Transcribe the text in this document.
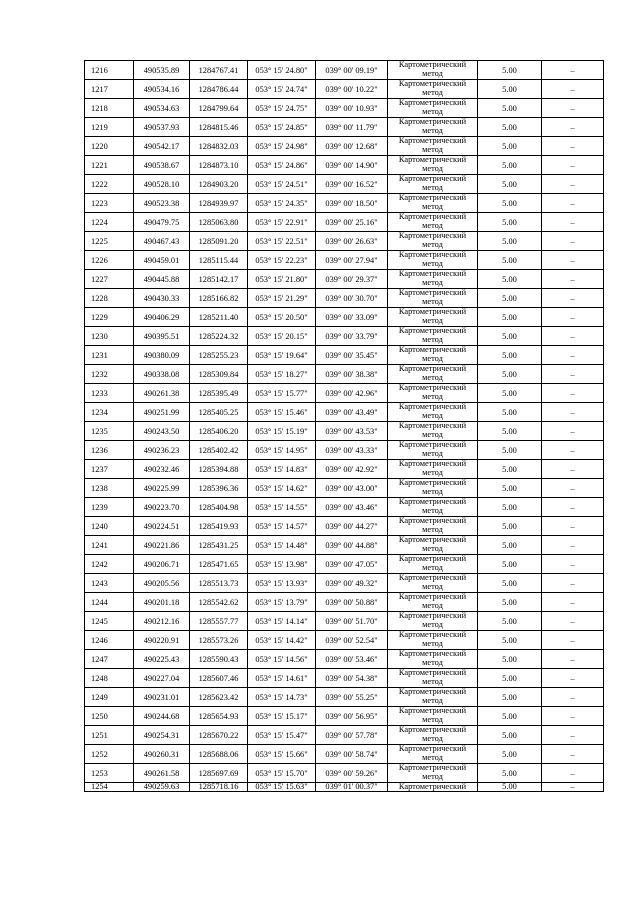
1216	490535.89	1284767.41	053° 15' 24.80"	039° 00' 09.19"	Картометрический метод	5.00	–
1217	490534.16	1284786.44	053° 15' 24.74"	039° 00' 10.22"	Картометрический метод	5.00	–
1218	490534.63	1284799.64	053° 15' 24.75"	039° 00' 10.93"	Картометрический метод	5.00	–
1219	490537.93	1284815.46	053° 15' 24.85"	039° 00' 11.79"	Картометрический метод	5.00	–
1220	490542.17	1284832.03	053° 15' 24.98"	039° 00' 12.68"	Картометрический метод	5.00	–
1221	490538.67	1284873.10	053° 15' 24.86"	039° 00' 14.90"	Картометрический метод	5.00	–
1222	490528.10	1284903.20	053° 15' 24.51"	039° 00' 16.52"	Картометрический метод	5.00	–
1223	490523.38	1284939.97	053° 15' 24.35"	039° 00' 18.50"	Картометрический метод	5.00	–
1224	490479.75	1285063.80	053° 15' 22.91"	039° 00' 25.16"	Картометрический метод	5.00	–
1225	490467.43	1285091.20	053° 15' 22.51"	039° 00' 26.63"	Картометрический метод	5.00	–
1226	490459.01	1285115.44	053° 15' 22.23"	039° 00' 27.94"	Картометрический метод	5.00	–
1227	490445.88	1285142.17	053° 15' 21.80"	039° 00' 29.37"	Картометрический метод	5.00	–
1228	490430.33	1285166.82	053° 15' 21.29"	039° 00' 30.70"	Картометрический метод	5.00	–
1229	490406.29	1285211.40	053° 15' 20.50"	039° 00' 33.09"	Картометрический метод	5.00	–
1230	490395.51	1285224.32	053° 15' 20.15"	039° 00' 33.79"	Картометрический метод	5.00	–
1231	490380.09	1285255.23	053° 15' 19.64"	039° 00' 35.45"	Картометрический метод	5.00	–
1232	490338.08	1285309.84	053° 15' 18.27"	039° 00' 38.38"	Картометрический метод	5.00	–
1233	490261.38	1285395.49	053° 15' 15.77"	039° 00' 42.96"	Картометрический метод	5.00	–
1234	490251.99	1285405.25	053° 15' 15.46"	039° 00' 43.49"	Картометрический метод	5.00	–
1235	490243.50	1285406.20	053° 15' 15.19"	039° 00' 43.53"	Картометрический метод	5.00	–
1236	490236.23	1285402.42	053° 15' 14.95"	039° 00' 43.33"	Картометрический метод	5.00	–
1237	490232.46	1285394.88	053° 15' 14.83"	039° 00' 42.92"	Картометрический метод	5.00	–
1238	490225.99	1285396.36	053° 15' 14.62"	039° 00' 43.00"	Картометрический метод	5.00	–
1239	490223.70	1285404.98	053° 15' 14.55"	039° 00' 43.46"	Картометрический метод	5.00	–
1240	490224.51	1285419.93	053° 15' 14.57"	039° 00' 44.27"	Картометрический метод	5.00	–
1241	490221.86	1285431.25	053° 15' 14.48"	039° 00' 44.88"	Картометрический метод	5.00	–
1242	490206.71	1285471.65	053° 15' 13.98"	039° 00' 47.05"	Картометрический метод	5.00	–
1243	490205.56	1285513.73	053° 15' 13.93"	039° 00' 49.32"	Картометрический метод	5.00	–
1244	490201.18	1285542.62	053° 15' 13.79"	039° 00' 50.88"	Картометрический метод	5.00	–
1245	490212.16	1285557.77	053° 15' 14.14"	039° 00' 51.70"	Картометрический метод	5.00	–
1246	490220.91	1285573.26	053° 15' 14.42"	039° 00' 52.54"	Картометрический метод	5.00	–
1247	490225.43	1285590.43	053° 15' 14.56"	039° 00' 53.46"	Картометрический метод	5.00	–
1248	490227.04	1285607.46	053° 15' 14.61"	039° 00' 54.38"	Картометрический метод	5.00	–
1249	490231.01	1285623.42	053° 15' 14.73"	039° 00' 55.25"	Картометрический метод	5.00	–
1250	490244.68	1285654.93	053° 15' 15.17"	039° 00' 56.95"	Картометрический метод	5.00	–
1251	490254.31	1285670.22	053° 15' 15.47"	039° 00' 57.78"	Картометрический метод	5.00	–
1252	490260.31	1285688.06	053° 15' 15.66"	039° 00' 58.74"	Картометрический метод	5.00	–
1253	490261.58	1285697.69	053° 15' 15.70"	039° 00' 59.26"	Картометрический метод	5.00	–
1254	490259.63	1285718.16	053° 15' 15.63"	039° 01' 00.37"	Картометрический	5.00	–
